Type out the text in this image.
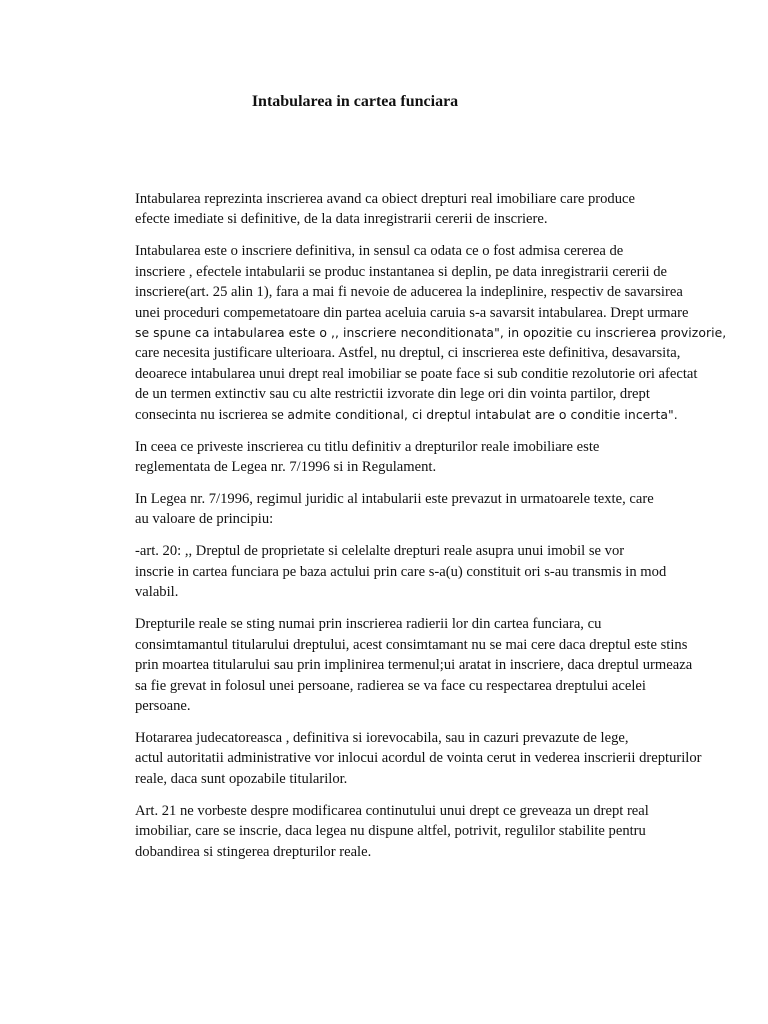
Intabularea in cartea funciara

Intabularea reprezinta inscrierea avand ca obiect drepturi real imobiliare care produce
efecte imediate si definitive, de la data inregistrarii cererii de inscriere.

Intabularea este o inscriere definitiva, in sensul ca odata ce o fost admisa cererea de
inscriere , efectele intabularii se produc instantanea si deplin, pe data inregistrarii cererii de
inscriere(art. 25 alin 1), fara a mai fi nevoie de aducerea la indeplinire, respectiv de savarsirea
unei proceduri compemetatoare din partea aceluia caruia s-a savarsit intabularea. Drept urmare
se spune ca intabularea este o ,, inscriere neconditionata", in opozitie cu inscrierea provizorie,
care necesita justificare ulterioara. Astfel, nu dreptul, ci inscrierea este definitiva, desavarsita,
deoarece intabularea unui drept real imobiliar se poate face si sub conditie rezolutorie ori afectat
de un termen extinctiv sau cu alte restrictii izvorate din lege ori din vointa partilor, drept
consecinta nu iscrierea se admite conditional, ci dreptul intabulat are o conditie incerta".

In ceea ce priveste inscrierea cu titlu definitiv a drepturilor reale imobiliare este
reglementata de Legea nr. 7/1996 si in Regulament.

In Legea nr. 7/1996, regimul juridic al intabularii este prevazut in urmatoarele texte, care
au valoare de principiu:

-art. 20: ,, Dreptul de proprietate si celelalte drepturi reale asupra unui imobil se vor
inscrie in cartea funciara pe baza actului prin care s-a(u) constituit ori s-au transmis in mod
valabil.

Drepturile reale se sting numai prin inscrierea radierii lor din cartea funciara, cu
consimtamantul titularului dreptului, acest consimtamant nu se mai cere daca dreptul este stins
prin moartea titularului sau prin implinirea termenul;ui aratat in inscriere, daca dreptul urmeaza
sa fie grevat in folosul unei persoane, radierea se va face cu respectarea dreptului acelei
persoane.

Hotararea judecatoreasca , definitiva si iorevocabila, sau in cazuri prevazute de lege,
actul autoritatii administrative vor inlocui acordul de vointa cerut in vederea inscrierii drepturilor
reale, daca sunt opozabile titularilor.

Art. 21 ne vorbeste despre modificarea continutului unui drept ce greveaza un drept real
imobiliar, care se inscrie, daca legea nu dispune altfel, potrivit, regulilor stabilite pentru
dobandirea si stingerea drepturilor reale.
